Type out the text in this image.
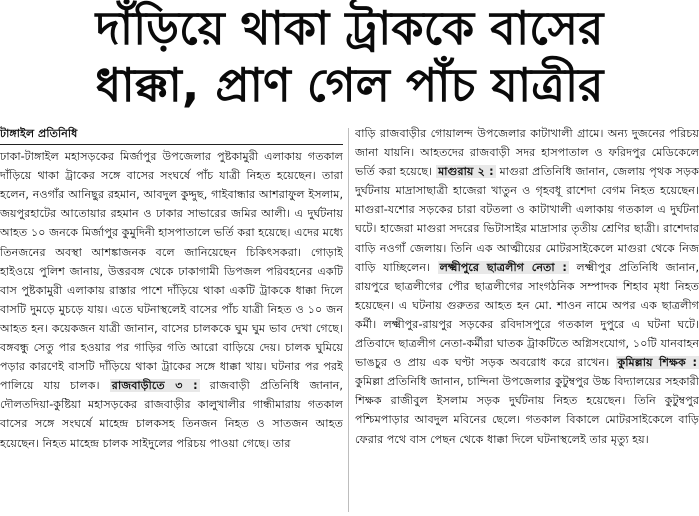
দাঁড়িয়ে থাকা ট্রাককে বাসের
ধাক্কা, প্রাণ গেল পাঁচ যাত্রীর
টাঙ্গাইল প্রতিনিধি

ঢাকা-টাঙ্গাইল মহাসড়কের মির্জাপুর উপজেলার পুষ্টকামুরী এলাকায় গতকাল দাঁড়িয়ে থাকা ট্রাকের সঙ্গে বাসের সংঘর্ষে পাঁচ যাত্রী নিহত হয়েছেন। তারা হলেন, নওগাঁর আনিছুর রহমান, আবদুল কুদ্দুছ, গাইবান্ধার আশরাফুল ইসলাম, জয়পুরহাটের আতোয়ার রহমান ও ঢাকার সাভারের জমির আলী। এ দুর্ঘটনায় আহত ১০ জনকে মির্জাপুর কুমুদিনী হাসপাতালে ভর্তি করা হয়েছে। এদের মধ্যে তিনজনের অবস্থা আশঙ্কাজনক বলে জানিয়েছেন চিকিৎসকরা। গোড়াই হাইওয়ে পুলিশ জানায়, উত্তরবঙ্গ থেকে ঢাকাগামী ডিপজল পরিবহনের একটি বাস পুষ্টকামুরী এলাকায় রাস্তার পাশে দাঁড়িয়ে থাকা একটি ট্রাককে ধাক্কা দিলে বাসটি দুমড়ে মুচড়ে যায়। এতে ঘটনাস্থলেই বাসের পাঁচ যাত্রী নিহত ও ১০ জন আহত হন। কয়েকজন যাত্রী জানান, বাসের চালককে ঘুম ঘুম ভাব দেখা গেছে। বঙ্গবন্ধু সেতু পার হওয়ার পর গাড়ির গতি আরো বাড়িয়ে দেয়। চালক ঘুমিয়ে পড়ার কারণেই বাসটি দাঁড়িয়ে থাকা ট্রাকের সঙ্গে ধাক্কা খায়। ঘটনার পর পরই পালিয়ে যায় চালক। রাজবাড়ীতে ৩ : রাজবাড়ী প্রতিনিধি জানান, দৌলতদিয়া-কুষ্টিয়া মহাসড়কের রাজবাড়ীর কালুখালীর গান্ধীমারায় গতকাল বাসের সঙ্গে সংঘর্ষে মাহেন্দ্র চালকসহ তিনজন নিহত ও সাতজন আহত হয়েছেন। নিহত মাহেন্দ্র চালক সাইদুলের পরিচয় পাওয়া গেছে। তার

বাড়ি রাজবাড়ীর গোয়ালন্দ উপজেলার কাটাখালী গ্রামে। অন্য দুজনের পরিচয় জানা যায়নি। আহতদের রাজবাড়ী সদর হাসপাতাল ও ফরিদপুর মেডিকেলে ভর্তি করা হয়েছে। মাগুরায় ২ : মাগুরা প্রতিনিধি জানান, জেলায় পৃথক সড়ক দুর্ঘটনায় মাদ্রাসাছাত্রী হাজেরা খাতুন ও গৃহবধূ রাশেদা বেগম নিহত হয়েছেন। মাগুরা-যশোর সড়কের চারা বটতলা ও কাটাখালী এলাকায় গতকাল এ দুর্ঘটনা ঘটে। হাজেরা মাগুরা সদরের ভিটাসাইর মাদ্রাসার তৃতীয় শ্রেণির ছাত্রী। রাশেদার বাড়ি নওগাঁ জেলায়। তিনি এক আত্মীয়ের মোটরসাইকেলে মাগুরা থেকে নিজ বাড়ি যাচ্ছিলেন। লক্ষ্মীপুরে ছাত্রলীগ নেতা : লক্ষ্মীপুর প্রতিনিধি জানান, রায়পুরে ছাত্রলীগের পৌর ছাত্রলীগের সাংগঠনিক সম্পাদক শিহাব মৃধা নিহত হয়েছেন। এ ঘটনায় গুরুতর আহত হন মো. শাওন নামে অপর এক ছাত্রলীগ কর্মী। লক্ষ্মীপুর-রায়পুর সড়কের রবিদাসপুরে গতকাল দুপুরে এ ঘটনা ঘটে। প্রতিবাদে ছাত্রলীগ নেতা-কর্মীরা ঘাতক ট্রাকটিতে অগ্নিসংযোগ, ১০টি যানবাহন ভাঙচুর ও প্রায় এক ঘণ্টা সড়ক অবরোধ করে রাখেন। কুমিল্লায় শিক্ষক : কুমিল্লা প্রতিনিধি জানান, চান্দিনা উপজেলার কুটুম্বপুর উচ্চ বিদ্যালয়ের সহকারী শিক্ষক রাজীবুল ইসলাম সড়ক দুর্ঘটনায় নিহত হয়েছেন। তিনি কুটুম্বপুর পশ্চিমপাড়ার আবদুল মবিনের ছেলে। গতকাল বিকালে মোটরসাইকেলে বাড়ি ফেরার পথে বাস পেছন থেকে ধাক্কা দিলে ঘটনাস্থলেই তার মৃত্যু হয়।
